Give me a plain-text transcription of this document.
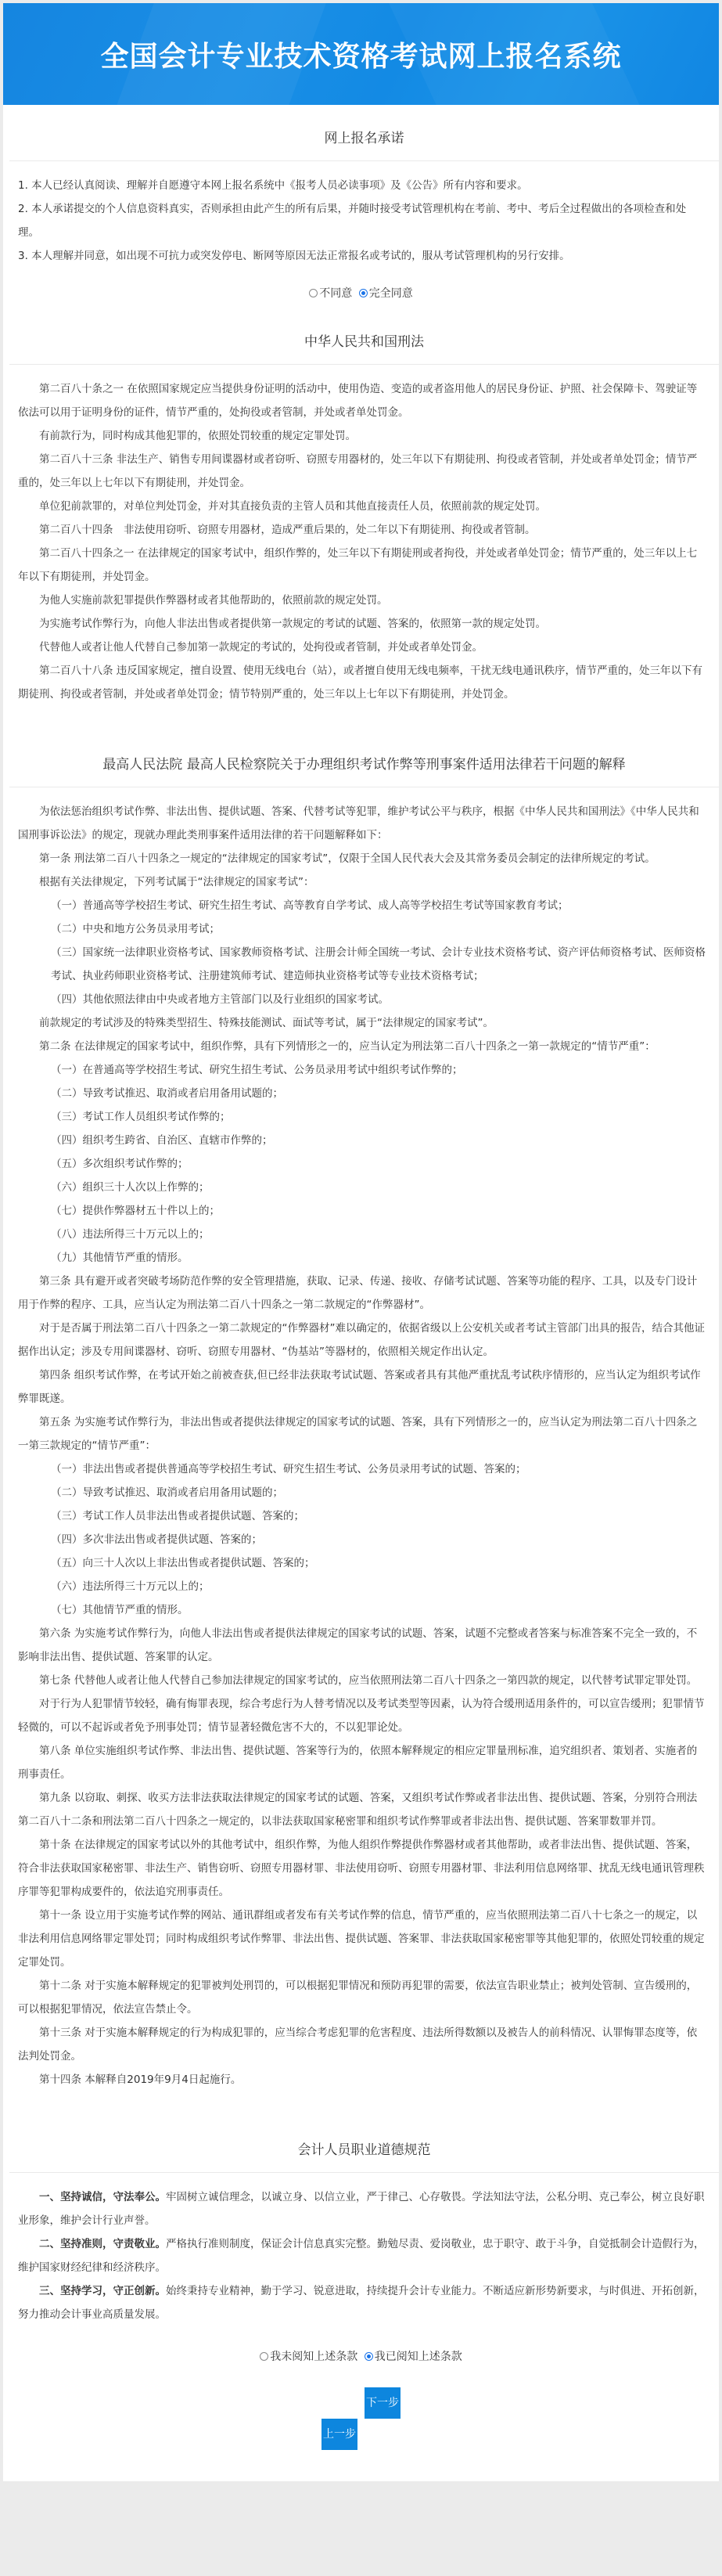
全国会计专业技术资格考试网上报名系统
网上报名承诺

1. 本人已经认真阅读、理解并自愿遵守本网上报名系统中《报考人员必读事项》及《公告》所有内容和要求。

2. 本人承诺提交的个人信息资料真实，否则承担由此产生的所有后果，并随时接受考试管理机构在考前、考中、考后全过程做出的各项检查和处理。

3. 本人理解并同意，如出现不可抗力或突发停电、断网等原因无法正常报名或考试的，服从考试管理机构的另行安排。

不同意
完全同意
中华人民共和国刑法

第二百八十条之一 在依照国家规定应当提供身份证明的活动中，使用伪造、变造的或者盗用他人的居民身份证、护照、社会保障卡、驾驶证等依法可以用于证明身份的证件，情节严重的，处拘役或者管制，并处或者单处罚金。

有前款行为，同时构成其他犯罪的，依照处罚较重的规定定罪处罚。

第二百八十三条 非法生产、销售专用间谍器材或者窃听、窃照专用器材的，处三年以下有期徒刑、拘役或者管制，并处或者单处罚金；情节严重的，处三年以上七年以下有期徒刑，并处罚金。

单位犯前款罪的，对单位判处罚金，并对其直接负责的主管人员和其他直接责任人员，依照前款的规定处罚。

第二百八十四条　非法使用窃听、窃照专用器材，造成严重后果的，处二年以下有期徒刑、拘役或者管制。

第二百八十四条之一 在法律规定的国家考试中，组织作弊的，处三年以下有期徒刑或者拘役，并处或者单处罚金；情节严重的，处三年以上七年以下有期徒刑，并处罚金。

为他人实施前款犯罪提供作弊器材或者其他帮助的，依照前款的规定处罚。

为实施考试作弊行为，向他人非法出售或者提供第一款规定的考试的试题、答案的，依照第一款的规定处罚。

代替他人或者让他人代替自己参加第一款规定的考试的，处拘役或者管制，并处或者单处罚金。

第二百八十八条 违反国家规定，擅自设置、使用无线电台（站），或者擅自使用无线电频率，干扰无线电通讯秩序，情节严重的，处三年以下有期徒刑、拘役或者管制，并处或者单处罚金；情节特别严重的，处三年以上七年以下有期徒刑，并处罚金。

最高人民法院 最高人民检察院关于办理组织考试作弊等刑事案件适用法律若干问题的解释

为依法惩治组织考试作弊、非法出售、提供试题、答案、代替考试等犯罪，维护考试公平与秩序，根据《中华人民共和国刑法》《中华人民共和国刑事诉讼法》的规定，现就办理此类刑事案件适用法律的若干问题解释如下：

第一条 刑法第二百八十四条之一规定的“法律规定的国家考试”，仅限于全国人民代表大会及其常务委员会制定的法律所规定的考试。

根据有关法律规定，下列考试属于“法律规定的国家考试”：

（一）普通高等学校招生考试、研究生招生考试、高等教育自学考试、成人高等学校招生考试等国家教育考试；

（二）中央和地方公务员录用考试；

（三）国家统一法律职业资格考试、国家教师资格考试、注册会计师全国统一考试、会计专业技术资格考试、资产评估师资格考试、医师资格考试、执业药师职业资格考试、注册建筑师考试、建造师执业资格考试等专业技术资格考试；

（四）其他依照法律由中央或者地方主管部门以及行业组织的国家考试。

前款规定的考试涉及的特殊类型招生、特殊技能测试、面试等考试，属于“法律规定的国家考试”。

第二条 在法律规定的国家考试中，组织作弊，具有下列情形之一的，应当认定为刑法第二百八十四条之一第一款规定的“情节严重”：

（一）在普通高等学校招生考试、研究生招生考试、公务员录用考试中组织考试作弊的；

（二）导致考试推迟、取消或者启用备用试题的；

（三）考试工作人员组织考试作弊的；

（四）组织考生跨省、自治区、直辖市作弊的；

（五）多次组织考试作弊的；

（六）组织三十人次以上作弊的；

（七）提供作弊器材五十件以上的；

（八）违法所得三十万元以上的；

（九）其他情节严重的情形。

第三条 具有避开或者突破考场防范作弊的安全管理措施，获取、记录、传递、接收、存储考试试题、答案等功能的程序、工具，以及专门设计用于作弊的程序、工具，应当认定为刑法第二百八十四条之一第二款规定的“作弊器材”。

对于是否属于刑法第二百八十四条之一第二款规定的“作弊器材”难以确定的，依据省级以上公安机关或者考试主管部门出具的报告，结合其他证据作出认定；涉及专用间谍器材、窃听、窃照专用器材、“伪基站”等器材的，依照相关规定作出认定。

第四条 组织考试作弊，在考试开始之前被查获,但已经非法获取考试试题、答案或者具有其他严重扰乱考试秩序情形的，应当认定为组织考试作弊罪既遂。

第五条 为实施考试作弊行为，非法出售或者提供法律规定的国家考试的试题、答案，具有下列情形之一的，应当认定为刑法第二百八十四条之一第三款规定的“情节严重”：

（一）非法出售或者提供普通高等学校招生考试、研究生招生考试、公务员录用考试的试题、答案的；

（二）导致考试推迟、取消或者启用备用试题的；

（三）考试工作人员非法出售或者提供试题、答案的；

（四）多次非法出售或者提供试题、答案的；

（五）向三十人次以上非法出售或者提供试题、答案的；

（六）违法所得三十万元以上的；

（七）其他情节严重的情形。

第六条 为实施考试作弊行为，向他人非法出售或者提供法律规定的国家考试的试题、答案，试题不完整或者答案与标准答案不完全一致的，不影响非法出售、提供试题、答案罪的认定。

第七条 代替他人或者让他人代替自己参加法律规定的国家考试的，应当依照刑法第二百八十四条之一第四款的规定，以代替考试罪定罪处罚。

对于行为人犯罪情节较轻，确有悔罪表现，综合考虑行为人替考情况以及考试类型等因素，认为符合缓刑适用条件的，可以宣告缓刑；犯罪情节轻微的，可以不起诉或者免予刑事处罚；情节显著轻微危害不大的，不以犯罪论处。

第八条 单位实施组织考试作弊、非法出售、提供试题、答案等行为的，依照本解释规定的相应定罪量刑标准，追究组织者、策划者、实施者的刑事责任。

第九条 以窃取、刺探、收买方法非法获取法律规定的国家考试的试题、答案，又组织考试作弊或者非法出售、提供试题、答案，分别符合刑法第二百八十二条和刑法第二百八十四条之一规定的，以非法获取国家秘密罪和组织考试作弊罪或者非法出售、提供试题、答案罪数罪并罚。

第十条 在法律规定的国家考试以外的其他考试中，组织作弊，为他人组织作弊提供作弊器材或者其他帮助，或者非法出售、提供试题、答案，符合非法获取国家秘密罪、非法生产、销售窃听、窃照专用器材罪、非法使用窃听、窃照专用器材罪、非法利用信息网络罪、扰乱无线电通讯管理秩序罪等犯罪构成要件的，依法追究刑事责任。

第十一条 设立用于实施考试作弊的网站、通讯群组或者发布有关考试作弊的信息，情节严重的，应当依照刑法第二百八十七条之一的规定，以非法利用信息网络罪定罪处罚；同时构成组织考试作弊罪、非法出售、提供试题、答案罪、非法获取国家秘密罪等其他犯罪的，依照处罚较重的规定定罪处罚。

第十二条 对于实施本解释规定的犯罪被判处刑罚的，可以根据犯罪情况和预防再犯罪的需要，依法宣告职业禁止；被判处管制、宣告缓刑的，可以根据犯罪情况，依法宣告禁止令。

第十三条 对于实施本解释规定的行为构成犯罪的，应当综合考虑犯罪的危害程度、违法所得数额以及被告人的前科情况、认罪悔罪态度等，依法判处罚金。

第十四条 本解释自2019年9月4日起施行。

会计人员职业道德规范

一、坚持诚信，守法奉公。牢固树立诚信理念，以诚立身、以信立业，严于律己、心存敬畏。学法知法守法，公私分明、克己奉公，树立良好职业形象，维护会计行业声誉。

二、坚持准则，守责敬业。严格执行准则制度，保证会计信息真实完整。勤勉尽责、爱岗敬业，忠于职守、敢于斗争，自觉抵制会计造假行为，维护国家财经纪律和经济秩序。

三、坚持学习，守正创新。始终秉持专业精神，勤于学习、锐意进取，持续提升会计专业能力。不断适应新形势新要求，与时俱进、开拓创新，努力推动会计事业高质量发展。

我未阅知上述条款
我已阅知上述条款
上一步 下一步 (1)
